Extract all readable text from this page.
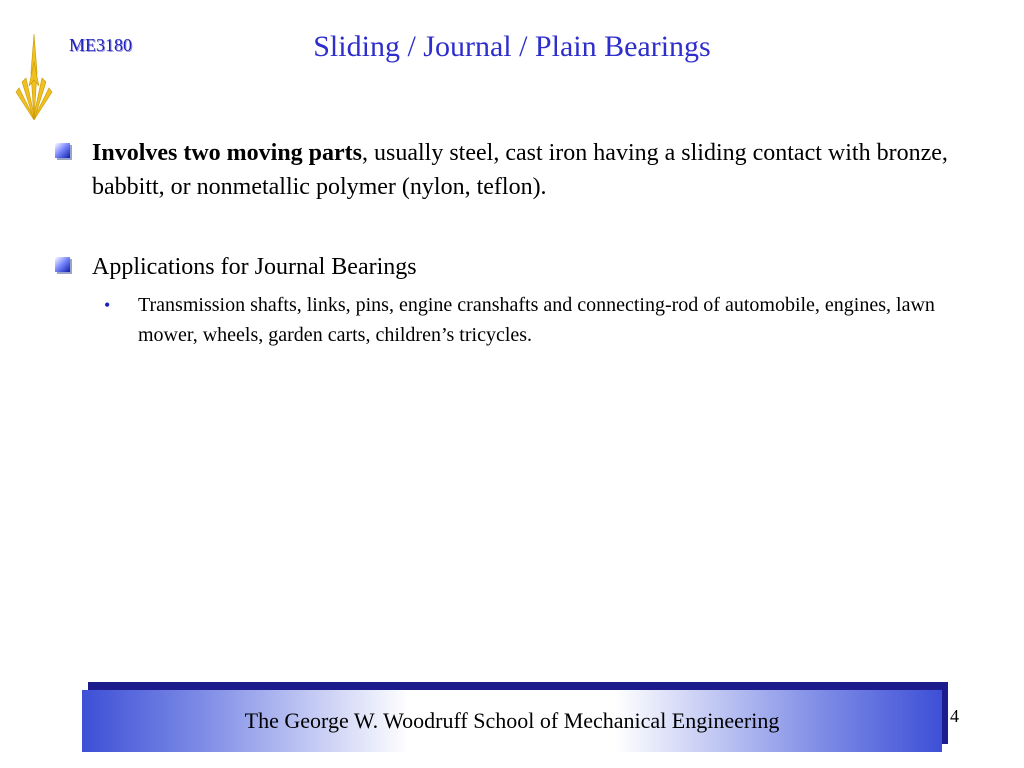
ME3180	Sliding / Journal / Plain Bearings
Involves two moving parts, usually steel, cast iron having a sliding contact with bronze, babbitt, or nonmetallic polymer (nylon, teflon).
Applications for Journal Bearings
• Transmission shafts, links, pins, engine cranshafts and connecting-rod of automobile, engines, lawn mower, wheels, garden carts, children’s tricycles.
The George W. Woodruff School of Mechanical Engineering	4
